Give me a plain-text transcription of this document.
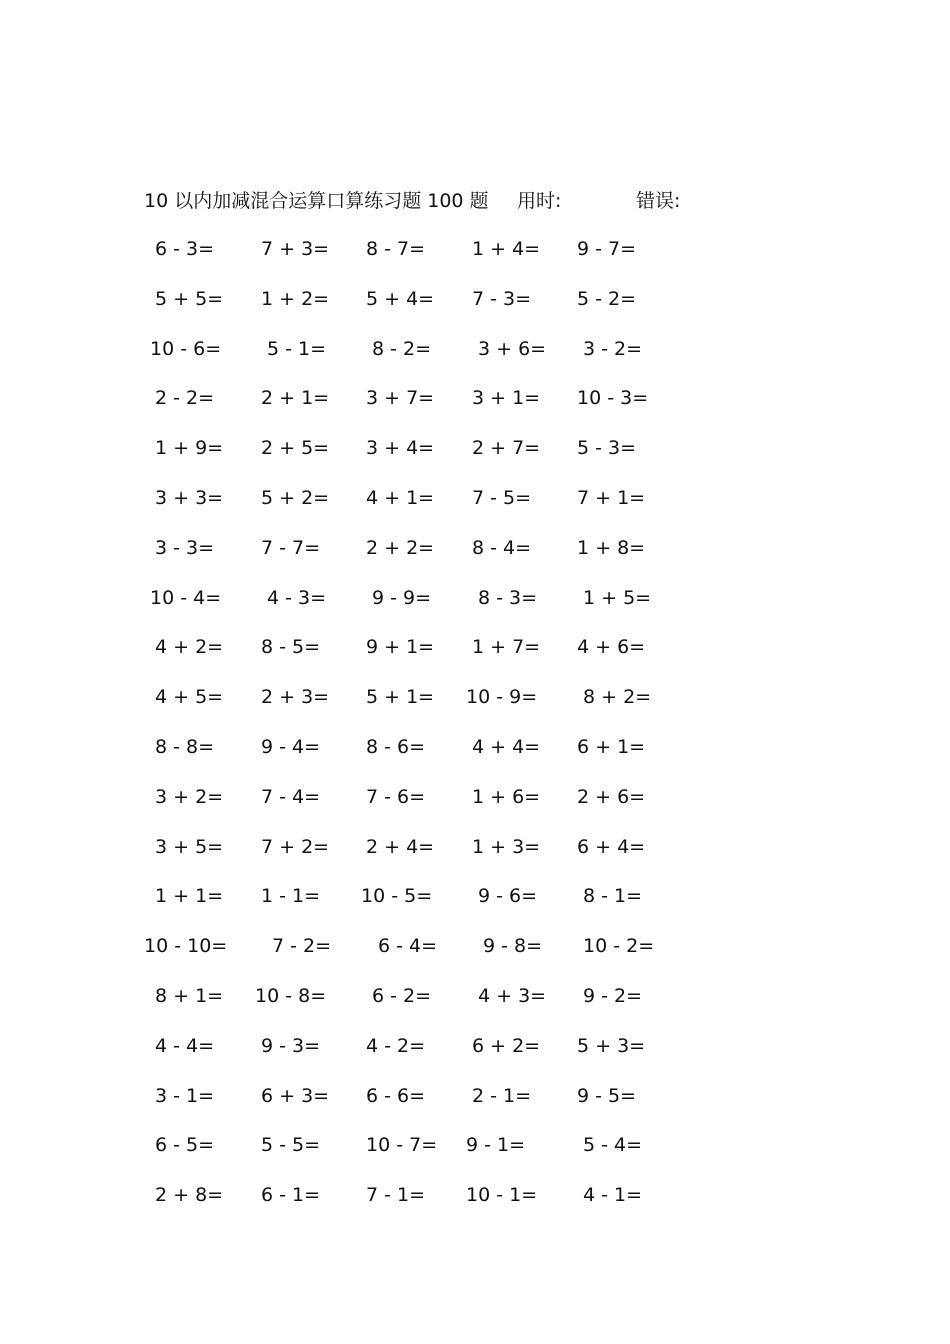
10 以内加减混合运算口算练习题 100 题 用时:	错误:
6 - 3= 7 + 3= 8 - 7= 1 + 4= 9 - 7=
5 + 5= 1 + 2= 5 + 4= 7 - 3= 5 - 2=
10 - 6= 5 - 1= 8 - 2= 3 + 6= 3 - 2=
2 - 2= 2 + 1= 3 + 7= 3 + 1= 10 - 3=
1 + 9= 2 + 5= 3 + 4= 2 + 7= 5 - 3=
3 + 3= 5 + 2= 4 + 1= 7 - 5= 7 + 1=
3 - 3= 7 - 7= 2 + 2= 8 - 4= 1 + 8=
10 - 4= 4 - 3= 9 - 9= 8 - 3= 1 + 5=
4 + 2= 8 - 5= 9 + 1= 1 + 7= 4 + 6=
4 + 5= 2 + 3= 5 + 1= 10 - 9= 8 + 2=
8 - 8= 9 - 4= 8 - 6= 4 + 4= 6 + 1=
3 + 2= 7 - 4= 7 - 6= 1 + 6= 2 + 6=
3 + 5= 7 + 2= 2 + 4= 1 + 3= 6 + 4=
1 + 1= 1 - 1= 10 - 5= 9 - 6= 8 - 1=
10 - 10= 7 - 2= 6 - 4= 9 - 8= 10 - 2=
8 + 1= 10 - 8= 6 - 2= 4 + 3= 9 - 2=
4 - 4= 9 - 3= 4 - 2= 6 + 2= 5 + 3=
3 - 1= 6 + 3= 6 - 6= 2 - 1= 9 - 5=
6 - 5= 5 - 5= 10 - 7= 9 - 1=	5 - 4=
2 + 8= 6 - 1= 7 - 1= 10 - 1= 4 - 1=
